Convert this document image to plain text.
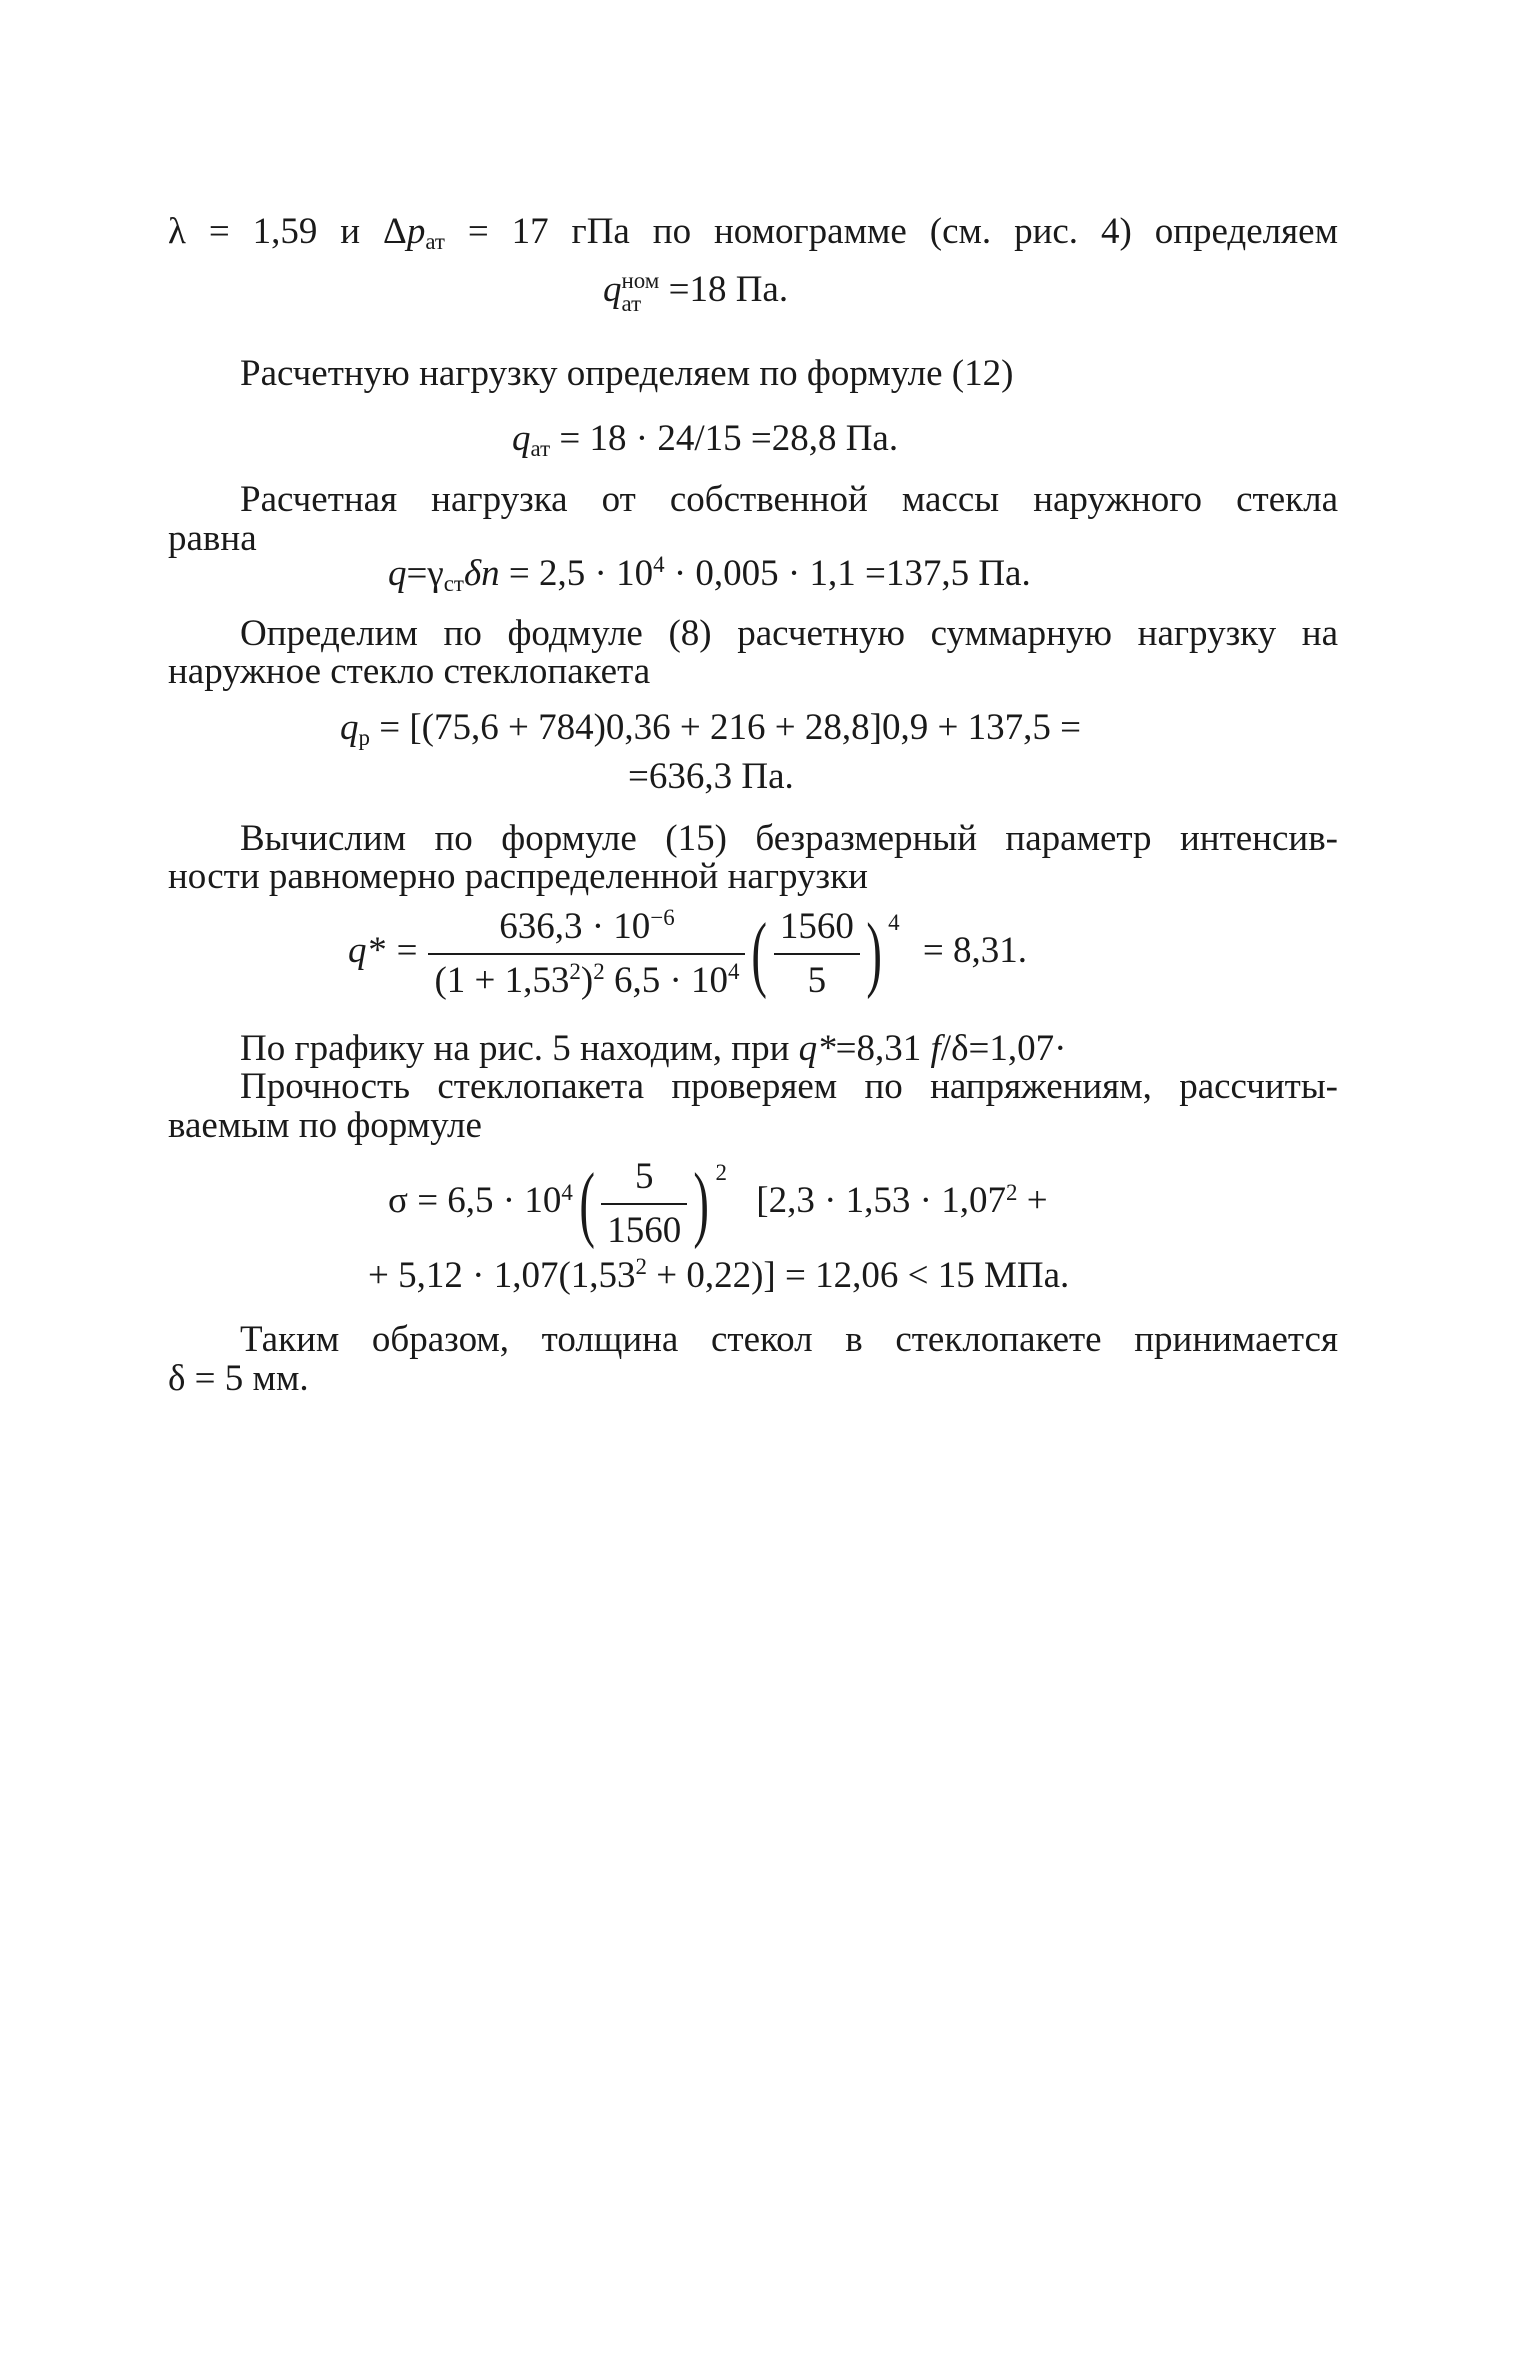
λ = 1,59 и $\Delta p_{ат} = 17$ гПа по номограмме (см. рис. 4) определяем
q ном
ат =18 Па.
Расчетную нагрузку определяем по формуле (12)
$q_{ат} = 18 \cdot 24/15 =28,8$ Па.
Расчетная нагрузка от собственной массы наружного стекла
равна
$q=\gamma_{ст}\delta n = 2,5 \cdot 10^4 \cdot 0,005 \cdot 1,1 =137,5$ Па.
Определим по фодмуле (8) расчетную суммарную нагрузку на
наружное стекло стеклопакета
$q_р = [(75,6 + 784)0,36 + 216 + 28,8]0,9 + 137,5$ =
=636,3 Па.
Вычислим по формуле (15) безразмерный параметр интенсив-
ности равномерно распределенной нагрузки
$q* = \frac{636,3 \cdot 10^{-6}}{(1 + 1,53^2)^2 6,5 \cdot 10^4}$ ( $\frac{1560}{5}$ ) $^4$ = 8,31.
По графику на рис. 5 находим, при q*=8,31 f/δ=1,07·
Прочность стеклопакета проверяем по напряжениям, рассчиты-
ваемым по формуле
$\sigma = 6,5 \cdot 10^4( \frac{5}{1560}$ ) $^2$ [$2,3 \cdot 1,53 \cdot 1,07^2$ +
+ $5,12 \cdot 1,07(1,53^2 + 0,22)] = 12,06 < 15$ МПа.
Таким образом, толщина стекол в стеклопакете принимается
δ = 5 мм.
